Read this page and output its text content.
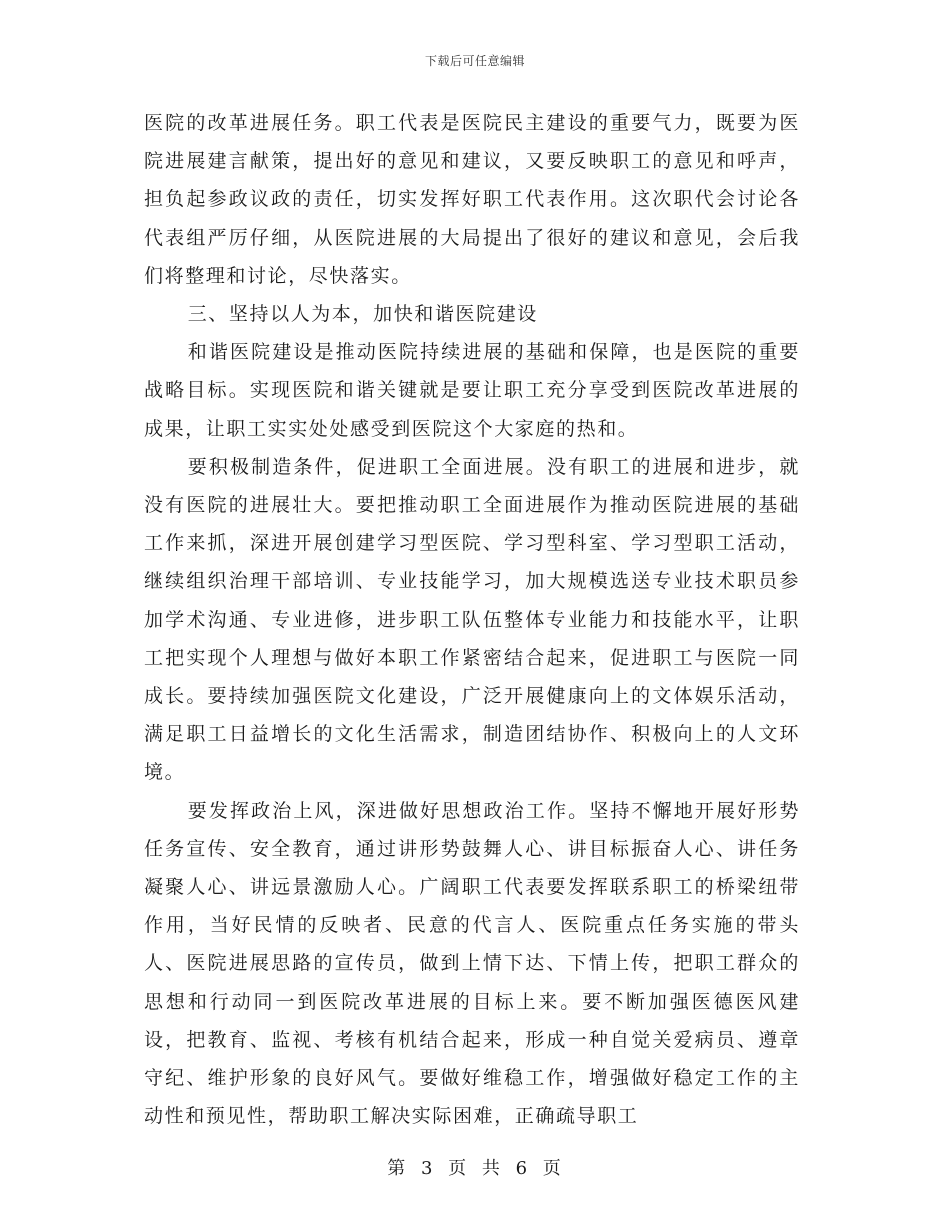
下载后可任意编辑

医院的改革进展任务。职工代表是医院民主建设的重要气力，既要为医院进展建言献策，提出好的意见和建议，又要反映职工的意见和呼声，担负起参政议政的责任，切实发挥好职工代表作用。这次职代会讨论各代表组严厉仔细，从医院进展的大局提出了很好的建议和意见，会后我们将整理和讨论，尽快落实。

三、坚持以人为本，加快和谐医院建设

和谐医院建设是推动医院持续进展的基础和保障，也是医院的重要战略目标。实现医院和谐关键就是要让职工充分享受到医院改革进展的成果，让职工实实处处感受到医院这个大家庭的热和。

要积极制造条件，促进职工全面进展。没有职工的进展和进步，就没有医院的进展壮大。要把推动职工全面进展作为推动医院进展的基础工作来抓，深进开展创建学习型医院、学习型科室、学习型职工活动，继续组织治理干部培训、专业技能学习，加大规模选送专业技术职员参加学术沟通、专业进修，进步职工队伍整体专业能力和技能水平，让职工把实现个人理想与做好本职工作紧密结合起来，促进职工与医院一同成长。要持续加强医院文化建设，广泛开展健康向上的文体娱乐活动，满足职工日益增长的文化生活需求，制造团结协作、积极向上的人文环境。

要发挥政治上风，深进做好思想政治工作。坚持不懈地开展好形势任务宣传、安全教育，通过讲形势鼓舞人心、讲目标振奋人心、讲任务凝聚人心、讲远景激励人心。广阔职工代表要发挥联系职工的桥梁纽带作用，当好民情的反映者、民意的代言人、医院重点任务实施的带头人、医院进展思路的宣传员，做到上情下达、下情上传，把职工群众的思想和行动同一到医院改革进展的目标上来。要不断加强医德医风建设，把教育、监视、考核有机结合起来，形成一种自觉关爱病员、遵章守纪、维护形象的良好风气。要做好维稳工作，增强做好稳定工作的主动性和预见性，帮助职工解决实际困难，正确疏导职工

第 3 页 共 6 页
